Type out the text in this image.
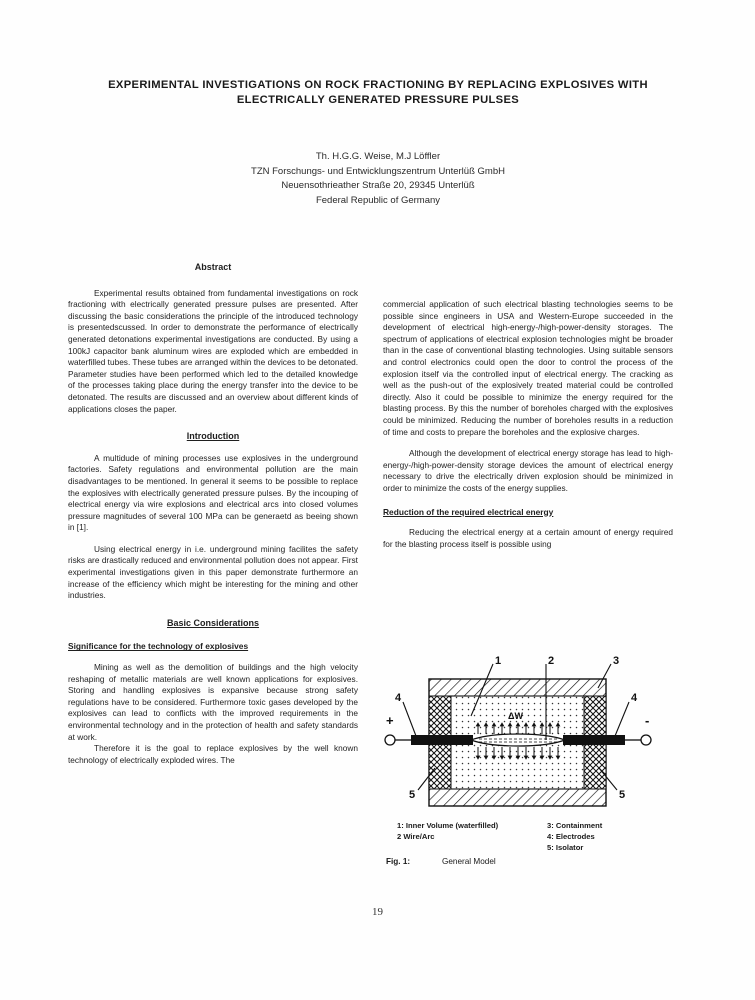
EXPERIMENTAL INVESTIGATIONS ON ROCK FRACTIONING BY REPLACING EXPLOSIVES WITH
ELECTRICALLY GENERATED PRESSURE PULSES
Th. H.G.G. Weise, M.J Löffler
TZN Forschungs- und Entwicklungszentrum Unterlüß GmbH
Neuensothrieather Straße 20, 29345 Unterlüß
Federal Republic of Germany
Abstract

Experimental results obtained from fundamental investigations on rock fractioning with electrically generated pressure pulses are presented. After discussing the basic considerations the principle of the introduced technology is presentedscussed. In order to demonstrate the performance of electrically generated detonations experimental investigations are conducted. By using a 100kJ capacitor bank aluminum wires are exploded which are embedded in waterfilled tubes. These tubes are arranged within the devices to be detonated. Parameter studies have been performed which led to the detailed knowledge of the processes taking place during the energy transfer into the device to be detonated. The results are discussed and an overview about different kinds of applications closes the paper.

Introduction

A multidude of mining processes use explosives in the underground factories. Safety regulations and environmental pollution are the main disadvantages to be mentioned. In general it seems to be possible to replace the explosives with electrically generated pressure pulses. By the incouping of electrical energy via wire explosions and electrical arcs into closed volumes pressure magnitudes of several 100 MPa can be generaetd as beeing shown in [1].

Using electrical energy in i.e. underground mining facilites the safety risks are drastically reduced and environmental pollution does not appear. First experimental investigations given in this paper demonstrate furthermore an increase of the efficiency which might be interesting for the mining and other industries.

Basic Considerations
Significance for the technology of explosives

Mining as well as the demolition of buildings and the high velocity reshaping of metallic materials are well known applications for explosives. Storing and handling explosives is expansive because strong safety regulations have to be considered. Furthermore toxic gases developed by the explosives can lead to conflicts with the improved requirements in the environmental technology and in the protection of health and safety standards at work.

Therefore it is the goal to replace explosives by the well known technology of electrically exploded wires. The

commercial application of such electrical blasting technologies seems to be possible since engineers in USA and Western-Europe succeeded in the development of electrical high-energy-/high-power-density storages. The spectrum of applications of electrical explosion technologies might be broader than in the case of conventional blasting technologies. Using suitable sensors and control electronics could open the door to control the process of the explosion itself via the controlled input of electrical energy. The cracking as well as the push-out of the explosively treated material could be controlled directly. Also it could be possible to minimize the energy required for the blasting process. By this the number of boreholes charged with the explosives could be minimized. Reducing the number of boreholes results in a reduction of time and costs to prepare the boreholes and the explosive charges.

Although the development of electrical energy storage has lead to high-energy-/high-power-density storage devices the amount of electrical energy necessary to drive the electrically driven explosion should be minimized in order to minimize the costs of the energy supplies.

Reduction of the required electrical energy

Reducing the electrical energy at a certain amount of energy required for the blasting process itself is possible using

1	2	3
4	4
5	5
+	-
ΔW
1: Inner Volume (waterfilled)	3: Containment
2 Wire/Arc	4: Electrodes
5: Isolator
Fig. 1:	General Model
19
